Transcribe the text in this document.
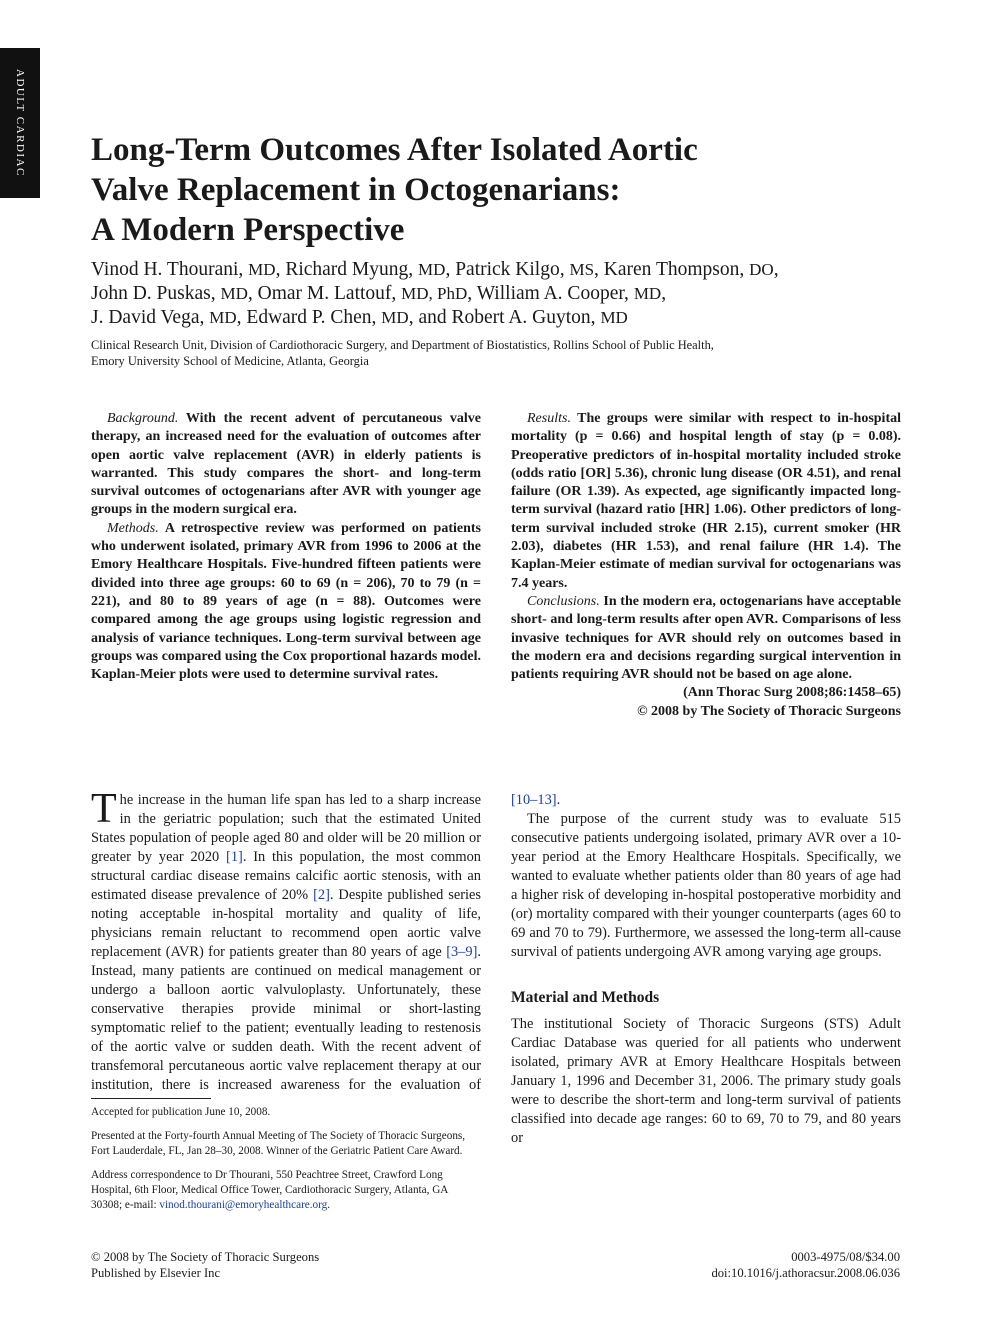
ADULT CARDIAC Long-Term Outcomes After Isolated Aortic
Valve Replacement in Octogenarians:
A Modern Perspective
Vinod H. Thourani, MD, Richard Myung, MD, Patrick Kilgo, MS, Karen Thompson, DO,
John D. Puskas, MD, Omar M. Lattouf, MD, PhD, William A. Cooper, MD,
J. David Vega, MD, Edward P. Chen, MD, and Robert A. Guyton, MD
Clinical Research Unit, Division of Cardiothoracic Surgery, and Department of Biostatistics, Rollins School of Public Health,
Emory University School of Medicine, Atlanta, Georgia

Background. With the recent advent of percutaneous valve therapy, an increased need for the evaluation of outcomes after open aortic valve replacement (AVR) in elderly patients is warranted. This study compares the short- and long-term survival outcomes of octogenarians after AVR with younger age groups in the modern surgical era.

Methods. A retrospective review was performed on patients who underwent isolated, primary AVR from 1996 to 2006 at the Emory Healthcare Hospitals. Five-hundred fifteen patients were divided into three age groups: 60 to 69 (n = 206), 70 to 79 (n = 221), and 80 to 89 years of age (n = 88). Outcomes were compared among the age groups using logistic regression and analysis of variance techniques. Long-term survival between age groups was compared using the Cox proportional hazards model. Kaplan-Meier plots were used to determine survival rates.

Results. The groups were similar with respect to in-hospital mortality (p = 0.66) and hospital length of stay (p = 0.08). Preoperative predictors of in-hospital mortality included stroke (odds ratio [OR] 5.36), chronic lung disease (OR 4.51), and renal failure (OR 1.39). As expected, age significantly impacted long-term survival (hazard ratio [HR] 1.06). Other predictors of long-term survival included stroke (HR 2.15), current smoker (HR 2.03), diabetes (HR 1.53), and renal failure (HR 1.4). The Kaplan-Meier estimate of median survival for octogenarians was 7.4 years.

Conclusions. In the modern era, octogenarians have acceptable short- and long-term results after open AVR. Comparisons of less invasive techniques for AVR should rely on outcomes based in the modern era and decisions regarding surgical intervention in patients requiring AVR should not be based on age alone.

(Ann Thorac Surg 2008;86:1458–65)

© 2008 by The Society of Thoracic Surgeons

The increase in the human life span has led to a sharp increase in the geriatric population; such that the estimated United States population of people aged 80 and older will be 20 million or greater by year 2020 [1]. In this population, the most common structural cardiac disease remains calcific aortic stenosis, with an estimated disease prevalence of 20% [2]. Despite published series noting acceptable in-hospital mortality and quality of life, physicians remain reluctant to recommend open aortic valve replacement (AVR) for patients greater than 80 years of age [3–9]. Instead, many patients are continued on medical management or undergo a balloon aortic valvuloplasty. Unfortunately, these conservative therapies provide minimal or short-lasting symptomatic relief to the patient; eventually leading to restenosis of the aortic valve or sudden death. With the recent advent of transfemoral percutaneous aortic valve replacement therapy at our institution, there is increased awareness for the evaluation of

[10–13].

The purpose of the current study was to evaluate 515 consecutive patients undergoing isolated, primary AVR over a 10-year period at the Emory Healthcare Hospitals. Specifically, we wanted to evaluate whether patients older than 80 years of age had a higher risk of developing in-hospital postoperative morbidity and (or) mortality compared with their younger counterparts (ages 60 to 69 and 70 to 79). Furthermore, we assessed the long-term all-cause survival of patients undergoing AVR among varying age groups.

Material and Methods

The institutional Society of Thoracic Surgeons (STS) Adult Cardiac Database was queried for all patients who underwent isolated, primary AVR at Emory Healthcare Hospitals between January 1, 1996 and December 31, 2006. The primary study goals were to describe the short-term and long-term survival of patients classified into decade age ranges: 60 to 69, 70 to 79, and 80 years or

Accepted for publication June 10, 2008.

Presented at the Forty-fourth Annual Meeting of The Society of Thoracic Surgeons, Fort Lauderdale, FL, Jan 28–30, 2008. Winner of the Geriatric Patient Care Award.

Address correspondence to Dr Thourani, 550 Peachtree Street, Crawford Long Hospital, 6th Floor, Medical Office Tower, Cardiothoracic Surgery, Atlanta, GA 30308; e-mail: vinod.thourani@emoryhealthcare.org.

© 2008 by The Society of Thoracic Surgeons
Published by Elsevier Inc
0003-4975/08/$34.00
doi:10.1016/j.athoracsur.2008.06.036
